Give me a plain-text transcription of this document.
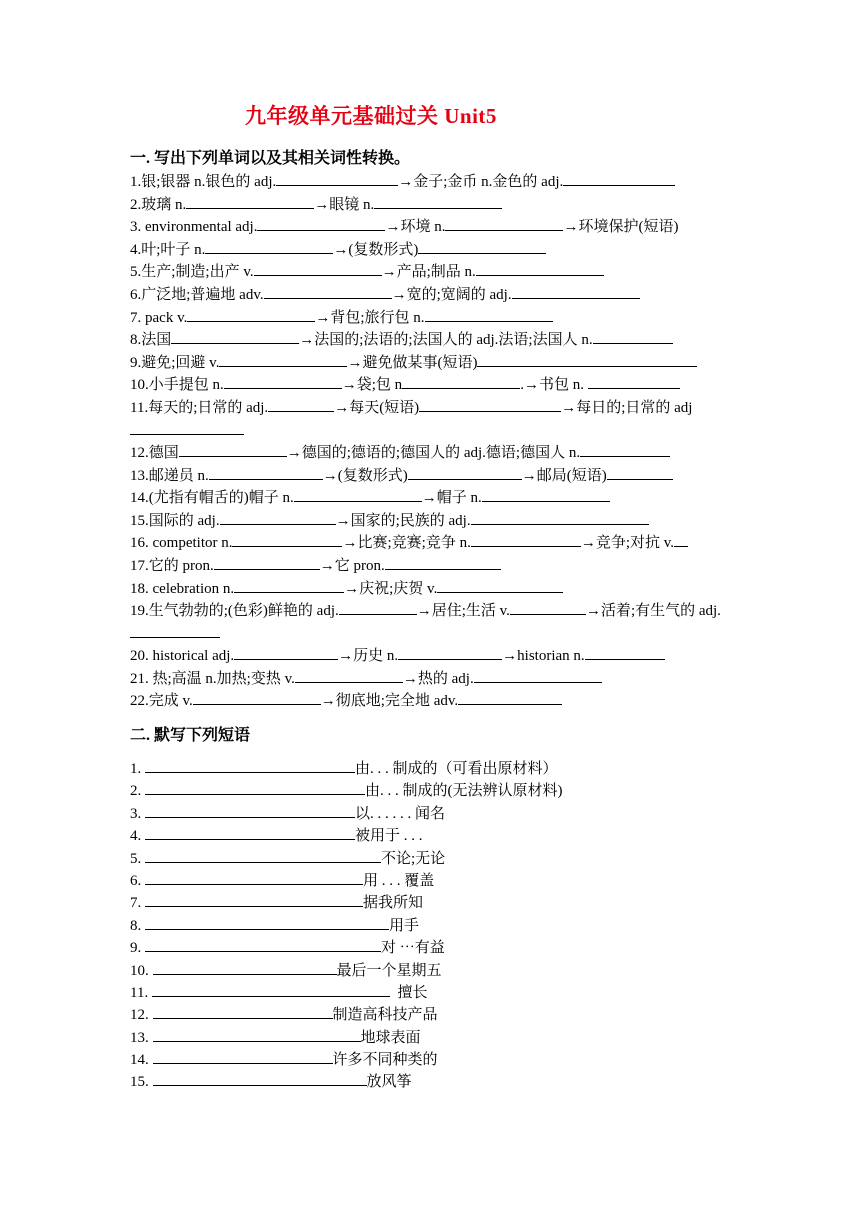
九年级单元基础过关 Unit5
一. 写出下列单词以及其相关词性转换。
1.银;银器 n.银色的 adj.	→金子;金币 n.金色的 adj.
2.玻璃 n.	→眼镜 n.
3. environmental adj.	→环境 n.	→环境保护(短语)
4.叶;叶子 n.	→(复数形式)
5.生产;制造;出产 v.	→产品;制品 n.
6.广泛地;普遍地 adv.	→宽的;宽阔的 adj.
7. pack v.	→背包;旅行包 n.
8.法国	→法国的;法语的;法国人的 adj.法语;法国人 n.
9.避免;回避 v.	→避免做某事(短语)
10.小手提包 n.	→袋;包 n	.→书包 n.
11.每天的;日常的 adj.	→每天(短语)	→每日的;日常的 adj
12.德国	→德国的;德语的;德国人的 adj.德语;德国人 n.
13.邮递员 n.	→(复数形式)	→邮局(短语)
14.(尤指有帽舌的)帽子 n.	→帽子 n.
15.国际的 adj.	→国家的;民族的 adj.
16. competitor n.	→比赛;竞赛;竞争 n.	→竞争;对抗 v.
17.它的 pron.	→它 pron.
18. celebration n.	→庆祝;庆贺 v.
19.生气勃勃的;(色彩)鲜艳的 adj.	→居住;生活 v.	→活着;有生气的 adj.
20. historical adj.	→历史 n.	→historian n.
21. 热;高温 n.加热;变热 v.	→热的 adj.
22.完成 v.	→彻底地;完全地 adv.
二. 默写下列短语
1.	由. . . 制成的（可看出原材料）
2.	由. . . 制成的(无法辨认原材料)
3.	以. . . . . . 闻名
4.	被用于 . . .
5.	不论;无论
6.	用 . . . 覆盖
7.	据我所知
8.	用手
9.	对 ⋯有益
10.	最后一个星期五
11.	擅长
12.	制造高科技产品
13.	地球表面
14.	许多不同种类的
15.	放风筝
